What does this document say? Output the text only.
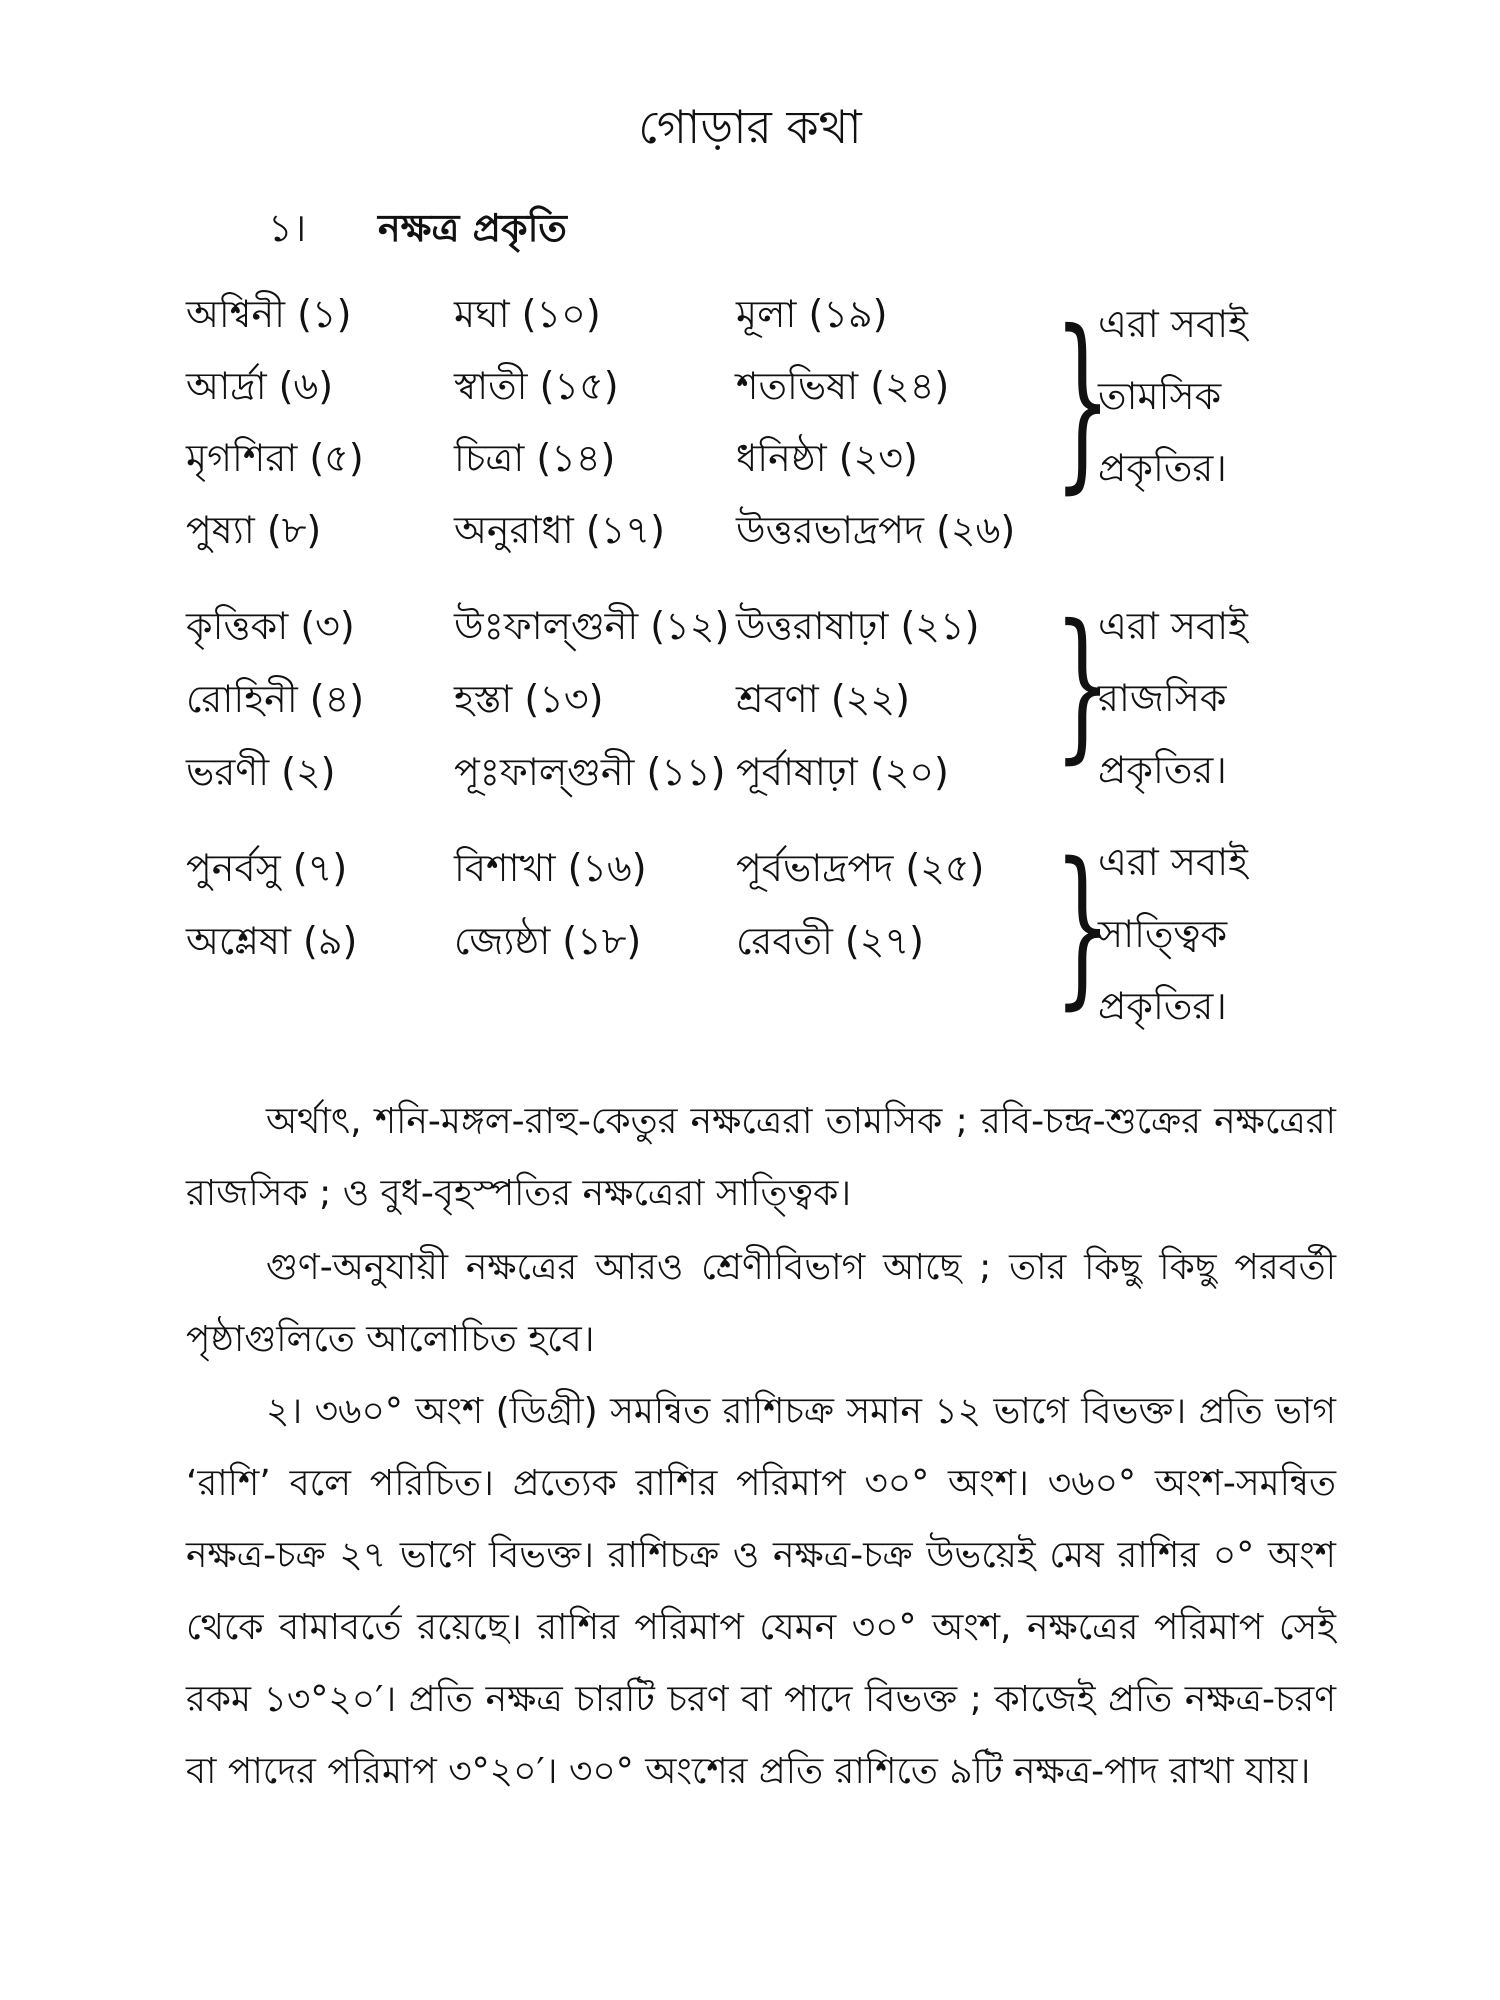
গোড়ার কথা
১। নক্ষত্র প্রকৃতি
অশ্বিনী (১)	মঘা (১০)	মূলা (১৯)
আর্দ্রা (৬)	স্বাতী (১৫)	শতভিষা (২৪)
মৃগশিরা (৫) চিত্রা (১৪)	ধনিষ্ঠা (২৩)
পুষ্যা (৮)	অনুরাধা (১৭) উত্তরভাদ্রপদ (২৬)
}
এরা সবাই
তামসিক
প্রকৃতির।
কৃত্তিকা (৩)	উঃফাল্গুনী (১২) উত্তরাষাঢ়া (২১)
রোহিনী (৪) হস্তা (১৩)	শ্রবণা (২২)
ভরণী (২)	পূঃফাল্গুনী (১১) পূর্বাষাঢ়া (২০) }
এরা সবাই
রাজসিক
প্রকৃতির।
পুনর্বসু (৭)	বিশাখা (১৬) পূর্বভাদ্রপদ (২৫)
অশ্লেষা (৯)	জ্যেষ্ঠা (১৮) রেবতী (২৭) }
এরা সবাই
সাত্ত্বিক
প্রকৃতির।

অর্থাৎ, শনি-মঙ্গল-রাহু-কেতুর নক্ষত্রেরা তামসিক ; রবি-চন্দ্র-শুক্রের নক্ষত্রেরা রাজসিক ; ও বুধ-বৃহস্পতির নক্ষত্রেরা সাত্ত্বিক।

গুণ-অনুযায়ী নক্ষত্রের আরও শ্রেণীবিভাগ আছে ; তার কিছু কিছু পরবর্তী পৃষ্ঠাগুলিতে আলোচিত হবে।

২। ৩৬০° অংশ (ডিগ্রী) সমন্বিত রাশিচক্র সমান ১২ ভাগে বিভক্ত। প্রতি ভাগ ‘রাশি’ বলে পরিচিত। প্রত্যেক রাশির পরিমাপ ৩০° অংশ। ৩৬০° অংশ-সমন্বিত নক্ষত্র-চক্র ২৭ ভাগে বিভক্ত। রাশিচক্র ও নক্ষত্র-চক্র উভয়েই মেষ রাশির ০° অংশ থেকে বামাবর্তে রয়েছে। রাশির পরিমাপ যেমন ৩০° অংশ, নক্ষত্রের পরিমাপ সেই রকম ১৩°২০′। প্রতি নক্ষত্র চারটি চরণ বা পাদে বিভক্ত ; কাজেই প্রতি নক্ষত্র-চরণ বা পাদের পরিমাপ ৩°২০′। ৩০° অংশের প্রতি রাশিতে ৯টি নক্ষত্র-পাদ রাখা যায়।
